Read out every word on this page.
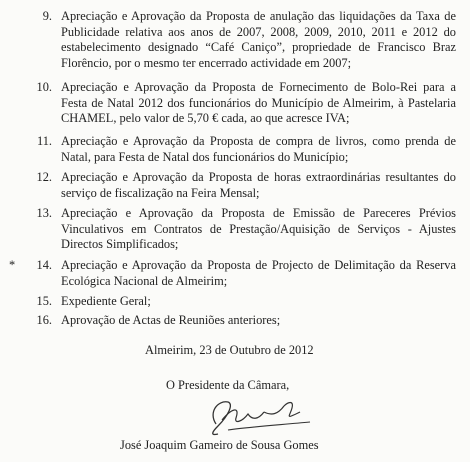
9. Apreciação e Aprovação da Proposta de anulação das liquidações da Taxa de
Publicidade relativa aos anos de 2007, 2008, 2009, 2010, 2011 e 2012 do
estabelecimento designado “Café Caniço”, propriedade de Francisco Braz
Florêncio, por o mesmo ter encerrado actividade em 2007;
10. Apreciação e Aprovação da Proposta de Fornecimento de Bolo-Rei para a
Festa de Natal 2012 dos funcionários do Município de Almeirim, à Pastelaria
CHAMEL, pelo valor de 5,70 € cada, ao que acresce IVA;
11. Apreciação e Aprovação da Proposta de compra de livros, como prenda de
Natal, para Festa de Natal dos funcionários do Município;
12. Apreciação e Aprovação da Proposta de horas extraordinárias resultantes do
serviço de fiscalização na Feira Mensal;
13. Apreciação e Aprovação da Proposta de Emissão de Pareceres Prévios
Vinculativos em Contratos de Prestação/Aquisição de Serviços - Ajustes
Directos Simplificados;
*	14. Apreciação e Aprovação da Proposta de Projecto de Delimitação da Reserva
Ecológica Nacional de Almeirim;
15. Expediente Geral;
16. Aprovação de Actas de Reuniões anteriores;
Almeirim, 23 de Outubro de 2012
O Presidente da Câmara,
José Joaquim Gameiro de Sousa Gomes
